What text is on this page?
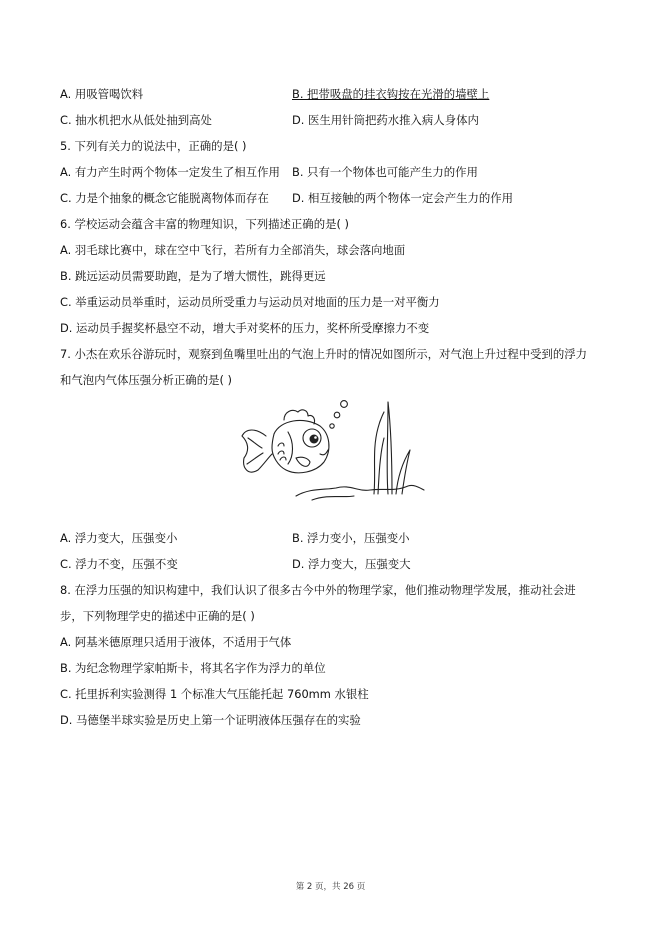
A. 用吸管喝饮料	B. 把带吸盘的挂衣钩按在光滑的墙壁上
C. 抽水机把水从低处抽到高处	D. 医生用针筒把药水推入病人身体内
5. 下列有关力的说法中，正确的是( )
A. 有力产生时两个物体一定发生了相互作用 B. 只有一个物体也可能产生力的作用
C. 力是个抽象的概念它能脱离物体而存在 D. 相互接触的两个物体一定会产生力的作用
6. 学校运动会蕴含丰富的物理知识，下列描述正确的是( )
A. 羽毛球比赛中，球在空中飞行，若所有力全部消失，球会落向地面
B. 跳远运动员需要助跑，是为了增大惯性，跳得更远
C. 举重运动员举重时，运动员所受重力与运动员对地面的压力是一对平衡力
D. 运动员手握奖杯悬空不动，增大手对奖杯的压力，奖杯所受摩擦力不变
7. 小杰在欢乐谷游玩时，观察到鱼嘴里吐出的气泡上升时的情况如图所示，对气泡上升过程中受到的浮力
和气泡内气体压强分析正确的是( )
A. 浮力变大，压强变小	B. 浮力变小，压强变小
C. 浮力不变，压强不变	D. 浮力变大，压强变大
8. 在浮力压强的知识构建中，我们认识了很多古今中外的物理学家，他们推动物理学发展，推动社会进
步，下列物理学史的描述中正确的是( )
A. 阿基米德原理只适用于液体，不适用于气体
B. 为纪念物理学家帕斯卡，将其名字作为浮力的单位
C. 托里拆利实验测得 1 个标准大气压能托起 760mm 水银柱
D. 马德堡半球实验是历史上第一个证明液体压强存在的实验
第 2 页，共 26 页
